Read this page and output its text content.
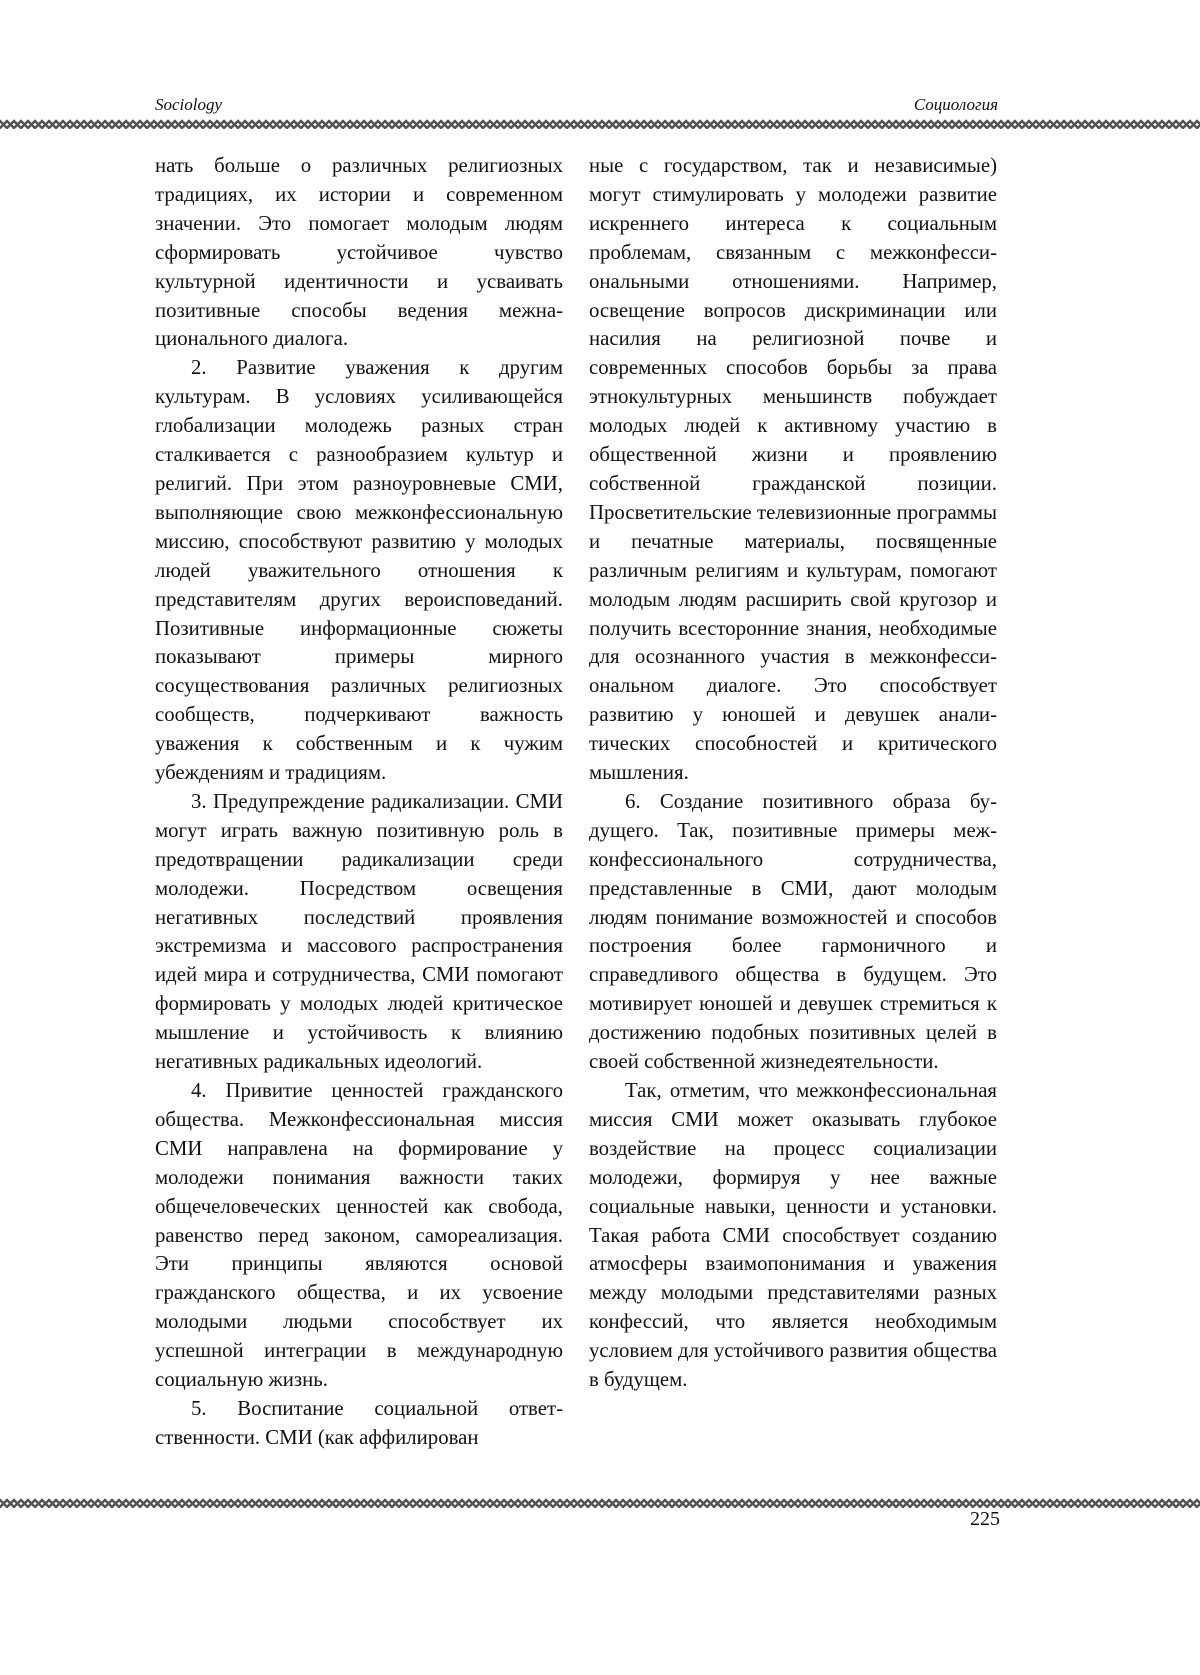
Sociology	Социология

нать больше о различных религиозных традициях, их истории и современном значении. Это помогает молодым людям сформировать устойчивое чувство культурной идентичности и усваивать позитивные способы ведения межнационального диалога.

2. Развитие уважения к другим культурам. В условиях усиливающейся глобализации молодежь разных стран сталкивается с разнообразием культур и религий. При этом разноуровневые СМИ, выполняющие свою межконфессиональную миссию, способствуют развитию у молодых людей уважительного отношения к представителям других вероисповеданий. Позитивные информационные сюжеты показывают примеры мирного сосуществования различных религиозных сообществ, подчеркивают важность уважения к собственным и к чужим убеждениям и традициям.

3. Предупреждение радикализации. СМИ могут играть важную позитивную роль в предотвращении радикализации среди молодежи. Посредством освещения негативных последствий проявления экстремизма и массового распространения идей мира и сотрудничества, СМИ помогают формировать у молодых людей критическое мышление и устойчивость к влиянию негативных радикальных идеологий.

4. Привитие ценностей гражданского общества. Межконфессиональная миссия СМИ направлена на формирование у молодежи понимания важности таких общечеловеческих ценностей как свобода, равенство перед законом, самореализация. Эти принципы являются основой гражданского общества, и их усвоение молодыми людьми способствует их успешной интеграции в международную социальную жизнь.

5. Воспитание социальной ответственности. СМИ (как аффилирован

ные с государством, так и независимые) могут стимулировать у молодежи развитие искреннего интереса к социальным проблемам, связанным с межконфессиональными отношениями. Например, освещение вопросов дискриминации или насилия на религиозной почве и современных способов борьбы за права этнокультурных меньшинств побуждает молодых людей к активному участию в общественной жизни и проявлению собственной гражданской позиции. Просветительские телевизионные программы и печатные материалы, посвященные различным религиям и культурам, помогают молодым людям расширить свой кругозор и получить всесторонние знания, необходимые для осознанного участия в межконфессиональном диалоге. Это способствует развитию у юношей и девушек аналитических способностей и критического мышления.

6. Создание позитивного образа будущего. Так, позитивные примеры межконфессионального сотрудничества, представленные в СМИ, дают молодым людям понимание возможностей и способов построения более гармоничного и справедливого общества в будущем. Это мотивирует юношей и девушек стремиться к достижению подобных позитивных целей в своей собственной жизнедеятельности.

Так, отметим, что межконфессиональная миссия СМИ может оказывать глубокое воздействие на процесс социализации молодежи, формируя у нее важные социальные навыки, ценности и установки. Такая работа СМИ способствует созданию атмосферы взаимопонимания и уважения между молодыми представителями разных конфессий, что является необходимым условием для устойчивого развития общества в будущем.

225
